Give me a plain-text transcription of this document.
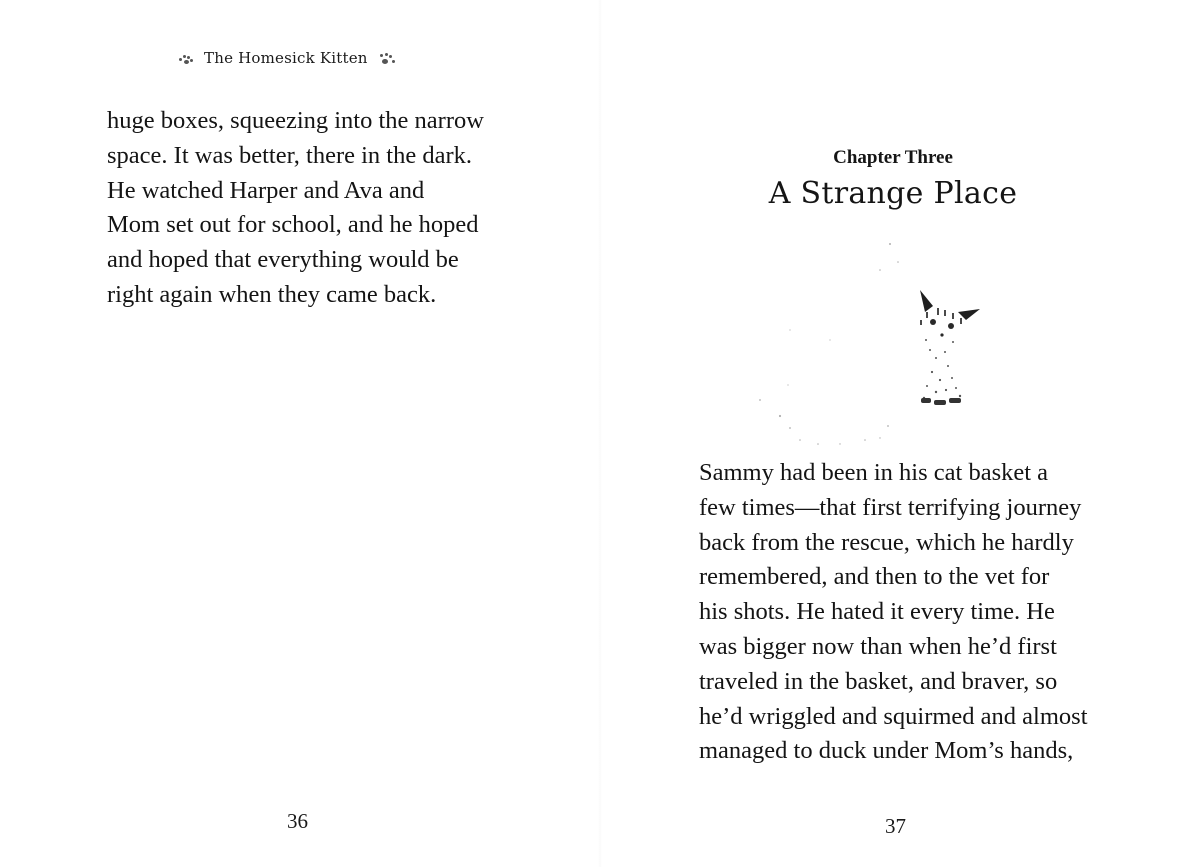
The Homesick Kitten
huge boxes, squeezing into the narrow
space. It was better, there in the dark.
He watched Harper and Ava and
Mom set out for school, and he hoped
and hoped that everything would be
right again when they came back.
36
Chapter Three
A Strange Place
Sammy had been in his cat basket a
few times—that first terrifying journey
back from the rescue, which he hardly
remembered, and then to the vet for
his shots. He hated it every time. He
was bigger now than when he’d first
traveled in the basket, and braver, so
he’d wriggled and squirmed and almost
managed to duck under Mom’s hands,
37
